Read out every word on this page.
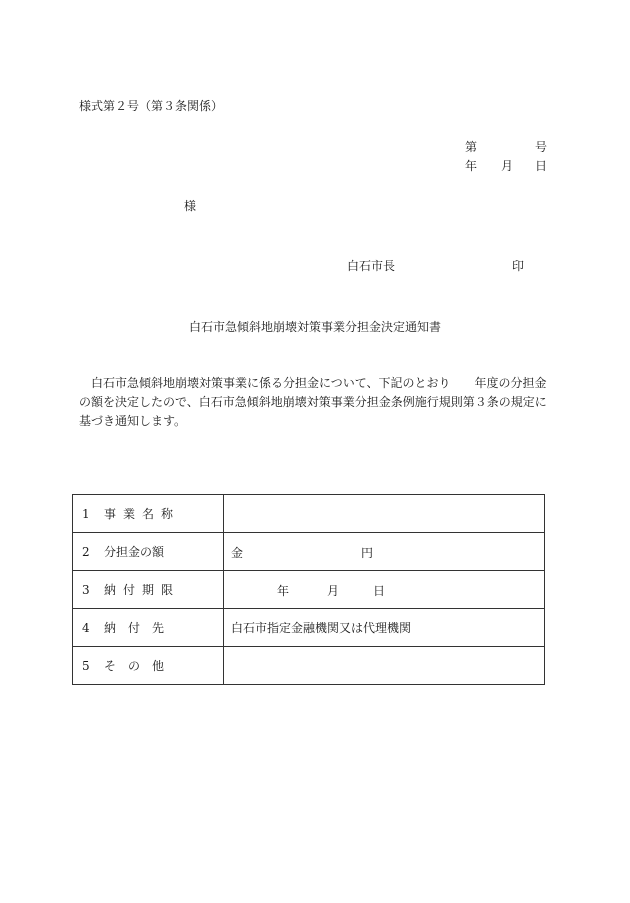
様式第２号（第３条関係）
第	号
年 月 日
様
白石市長	印
白石市急傾斜地崩壊対策事業分担金決定通知書
白石市急傾斜地崩壊対策事業に係る分担金について、下記のとおり　　年度の分担金の額を決定したので、白石市急傾斜地崩壊対策事業分担金条例施行規則第３条の規定に基づき通知します。
1 事業名称	
2 分担金の額	金 円

3 納付期限	年 月 日

4 納　付　先	白石市指定金融機関又は代理機関
5 そ　の　他	
